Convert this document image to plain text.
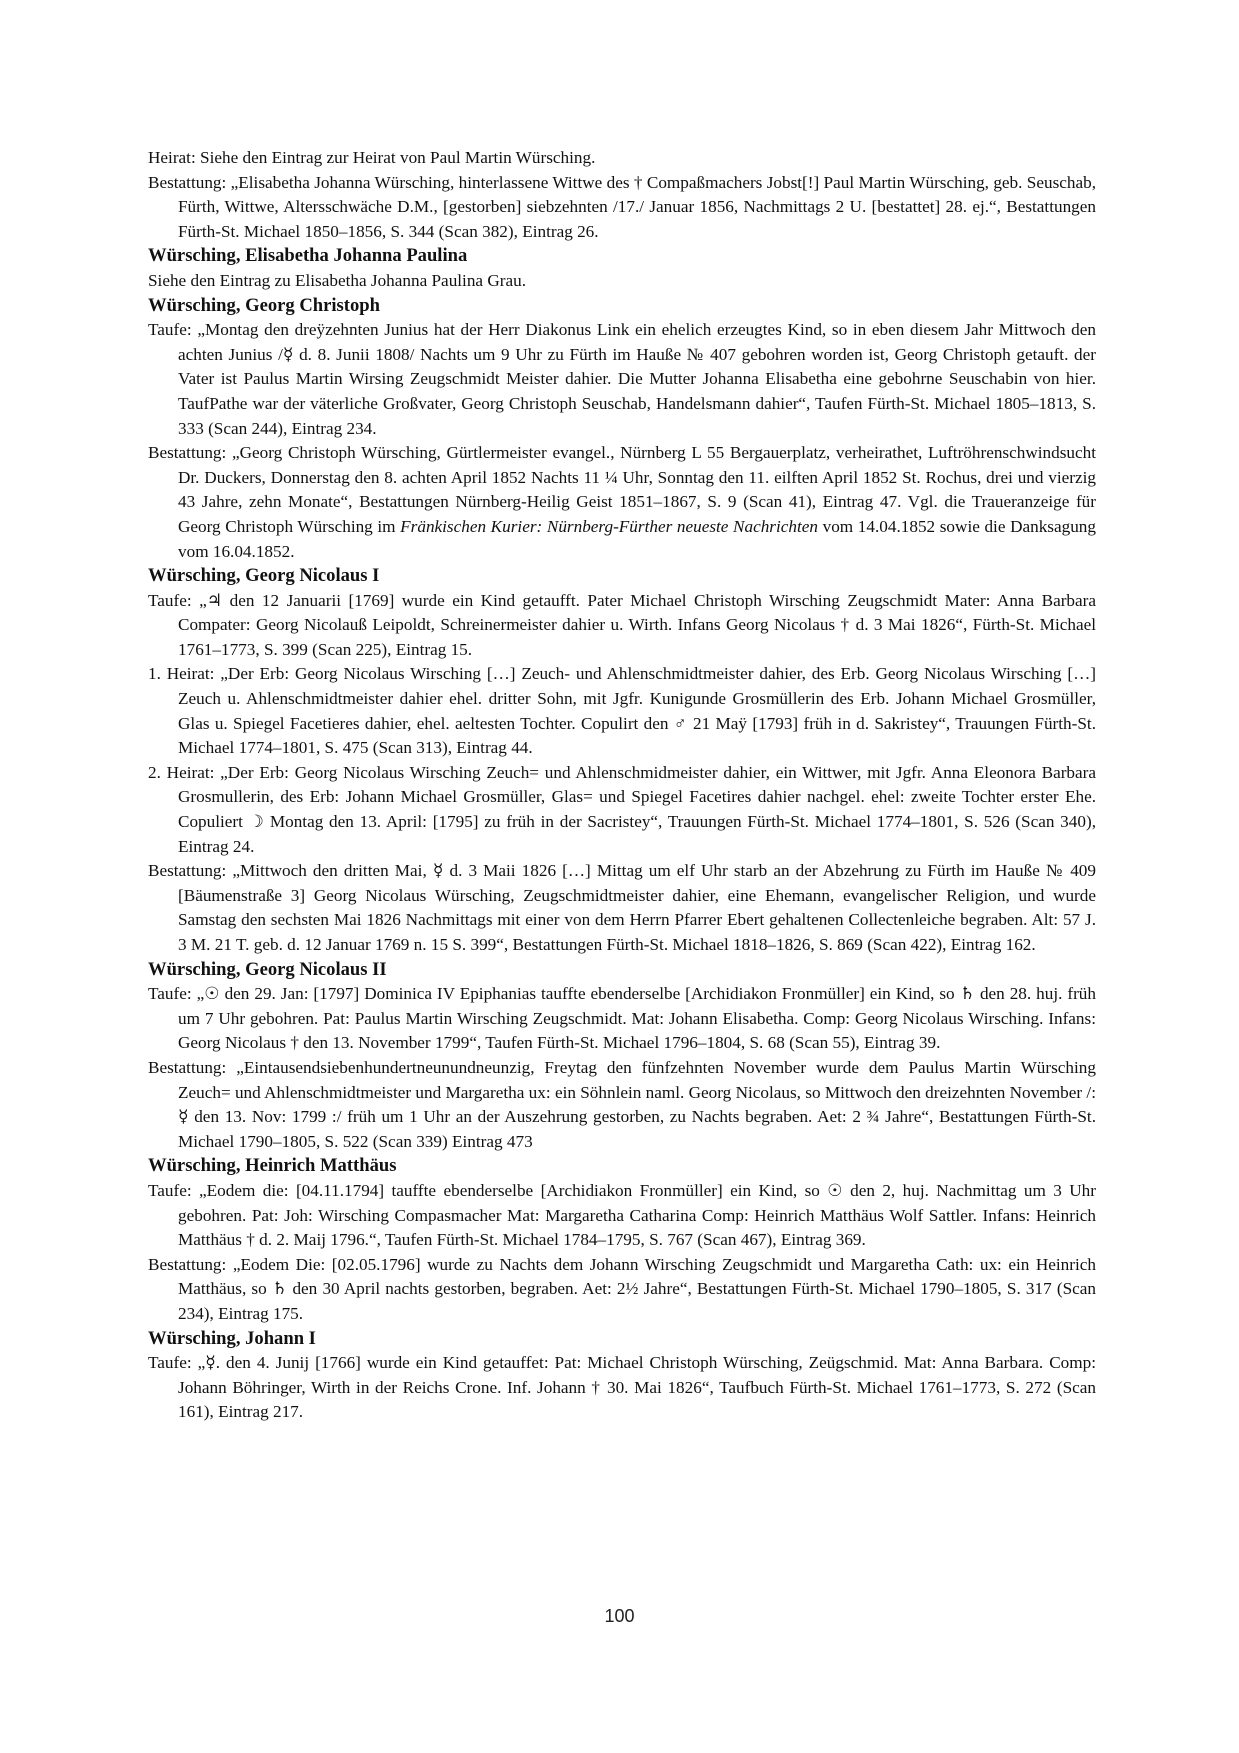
Heirat: Siehe den Eintrag zur Heirat von Paul Martin Würsching.

Bestattung: „Elisabetha Johanna Würsching, hinterlassene Wittwe des † Compaßmachers Jobst[!] Paul Martin Würsching, geb. Seuschab, Fürth, Wittwe, Altersschwäche D.M., [gestorben] siebzehnten /17./ Januar 1856, Nachmittags 2 U. [bestattet] 28. ej.“, Bestattungen Fürth-St. Michael 1850–1856, S. 344 (Scan 382), Eintrag 26.

Würsching, Elisabetha Johanna Paulina

Siehe den Eintrag zu Elisabetha Johanna Paulina Grau.

Würsching, Georg Christoph

Taufe: „Montag den dreÿzehnten Junius hat der Herr Diakonus Link ein ehelich erzeugtes Kind, so in eben diesem Jahr Mittwoch den achten Junius /☿ d. 8. Junii 1808/ Nachts um 9 Uhr zu Fürth im Hauße № 407 gebohren worden ist, Georg Christoph getauft. der Vater ist Paulus Martin Wirsing Zeugschmidt Meister dahier. Die Mutter Johanna Elisabetha eine gebohrne Seuschabin von hier. TaufPathe war der väterliche Großvater, Georg Christoph Seuschab, Handelsmann dahier“, Taufen Fürth-St. Michael 1805–1813, S. 333 (Scan 244), Eintrag 234.

Bestattung: „Georg Christoph Würsching, Gürtlermeister evangel., Nürnberg L 55 Bergauerplatz, verheirathet, Luftröhrenschwindsucht Dr. Duckers, Donnerstag den 8. achten April 1852 Nachts 11 ¼ Uhr, Sonntag den 11. eilften April 1852 St. Rochus, drei und vierzig 43 Jahre, zehn Monate“, Bestattungen Nürnberg-Heilig Geist 1851–1867, S. 9 (Scan 41), Eintrag 47. Vgl. die Traueranzeige für Georg Christoph Würsching im Fränkischen Kurier: Nürnberg-Fürther neueste Nachrichten vom 14.04.1852 sowie die Danksagung vom 16.04.1852.

Würsching, Georg Nicolaus I

Taufe: „♃ den 12 Januarii [1769] wurde ein Kind getaufft. Pater Michael Christoph Wirsching Zeugschmidt Mater: Anna Barbara Compater: Georg Nicolauß Leipoldt, Schreinermeister dahier u. Wirth. Infans Georg Nicolaus † d. 3 Mai 1826“, Fürth-St. Michael 1761–1773, S. 399 (Scan 225), Eintrag 15.

1. Heirat: „Der Erb: Georg Nicolaus Wirsching […] Zeuch- und Ahlenschmidtmeister dahier, des Erb. Georg Nicolaus Wirsching […] Zeuch u. Ahlenschmidtmeister dahier ehel. dritter Sohn, mit Jgfr. Kunigunde Grosmüllerin des Erb. Johann Michael Grosmüller, Glas u. Spiegel Facetieres dahier, ehel. aeltesten Tochter. Copulirt den ♂ 21 Maÿ [1793] früh in d. Sakristey“, Trauungen Fürth-St. Michael 1774–1801, S. 475 (Scan 313), Eintrag 44.

2. Heirat: „Der Erb: Georg Nicolaus Wirsching Zeuch= und Ahlenschmidmeister dahier, ein Wittwer, mit Jgfr. Anna Eleonora Barbara Grosmullerin, des Erb: Johann Michael Grosmüller, Glas= und Spiegel Facetires dahier nachgel. ehel: zweite Tochter erster Ehe. Copuliert ☽ Montag den 13. April: [1795] zu früh in der Sacristey“, Trauungen Fürth-St. Michael 1774–1801, S. 526 (Scan 340), Eintrag 24.

Bestattung: „Mittwoch den dritten Mai, ☿ d. 3 Maii 1826 […] Mittag um elf Uhr starb an der Abzehrung zu Fürth im Hauße № 409 [Bäumenstraße 3] Georg Nicolaus Würsching, Zeugschmidtmeister dahier, eine Ehemann, evangelischer Religion, und wurde Samstag den sechsten Mai 1826 Nachmittags mit einer von dem Herrn Pfarrer Ebert gehaltenen Collectenleiche begraben. Alt: 57 J. 3 M. 21 T. geb. d. 12 Januar 1769 n. 15 S. 399“, Bestattungen Fürth-St. Michael 1818–1826, S. 869 (Scan 422), Eintrag 162.

Würsching, Georg Nicolaus II

Taufe: „☉ den 29. Jan: [1797] Dominica IV Epiphanias tauffte ebenderselbe [Archidiakon Fronmüller] ein Kind, so ♄ den 28. huj. früh um 7 Uhr gebohren. Pat: Paulus Martin Wirsching Zeugschmidt. Mat: Johann Elisabetha. Comp: Georg Nicolaus Wirsching. Infans: Georg Nicolaus † den 13. November 1799“, Taufen Fürth-St. Michael 1796–1804, S. 68 (Scan 55), Eintrag 39.

Bestattung: „Eintausendsiebenhundertneunundneunzig, Freytag den fünfzehnten November wurde dem Paulus Martin Würsching Zeuch= und Ahlenschmidtmeister und Margaretha ux: ein Söhnlein naml. Georg Nicolaus, so Mittwoch den dreizehnten November /: ☿ den 13. Nov: 1799 :/ früh um 1 Uhr an der Auszehrung gestorben, zu Nachts begraben. Aet: 2 ¾ Jahre“, Bestattungen Fürth-St. Michael 1790–1805, S. 522 (Scan 339) Eintrag 473

Würsching, Heinrich Matthäus

Taufe: „Eodem die: [04.11.1794] tauffte ebenderselbe [Archidiakon Fronmüller] ein Kind, so ☉ den 2, huj. Nachmittag um 3 Uhr gebohren. Pat: Joh: Wirsching Compasmacher Mat: Margaretha Catharina Comp: Heinrich Matthäus Wolf Sattler. Infans: Heinrich Matthäus † d. 2. Maij 1796.“, Taufen Fürth-St. Michael 1784–1795, S. 767 (Scan 467), Eintrag 369.

Bestattung: „Eodem Die: [02.05.1796] wurde zu Nachts dem Johann Wirsching Zeugschmidt und Margaretha Cath: ux: ein Heinrich Matthäus, so ♄ den 30 April nachts gestorben, begraben. Aet: 2½ Jahre“, Bestattungen Fürth-St. Michael 1790–1805, S. 317 (Scan 234), Eintrag 175.

Würsching, Johann I

Taufe: „☿. den 4. Junij [1766] wurde ein Kind getauffet: Pat: Michael Christoph Würsching, Zeügschmid. Mat: Anna Barbara. Comp: Johann Böhringer, Wirth in der Reichs Crone. Inf. Johann † 30. Mai 1826“, Taufbuch Fürth-St. Michael 1761–1773, S. 272 (Scan 161), Eintrag 217.

100
